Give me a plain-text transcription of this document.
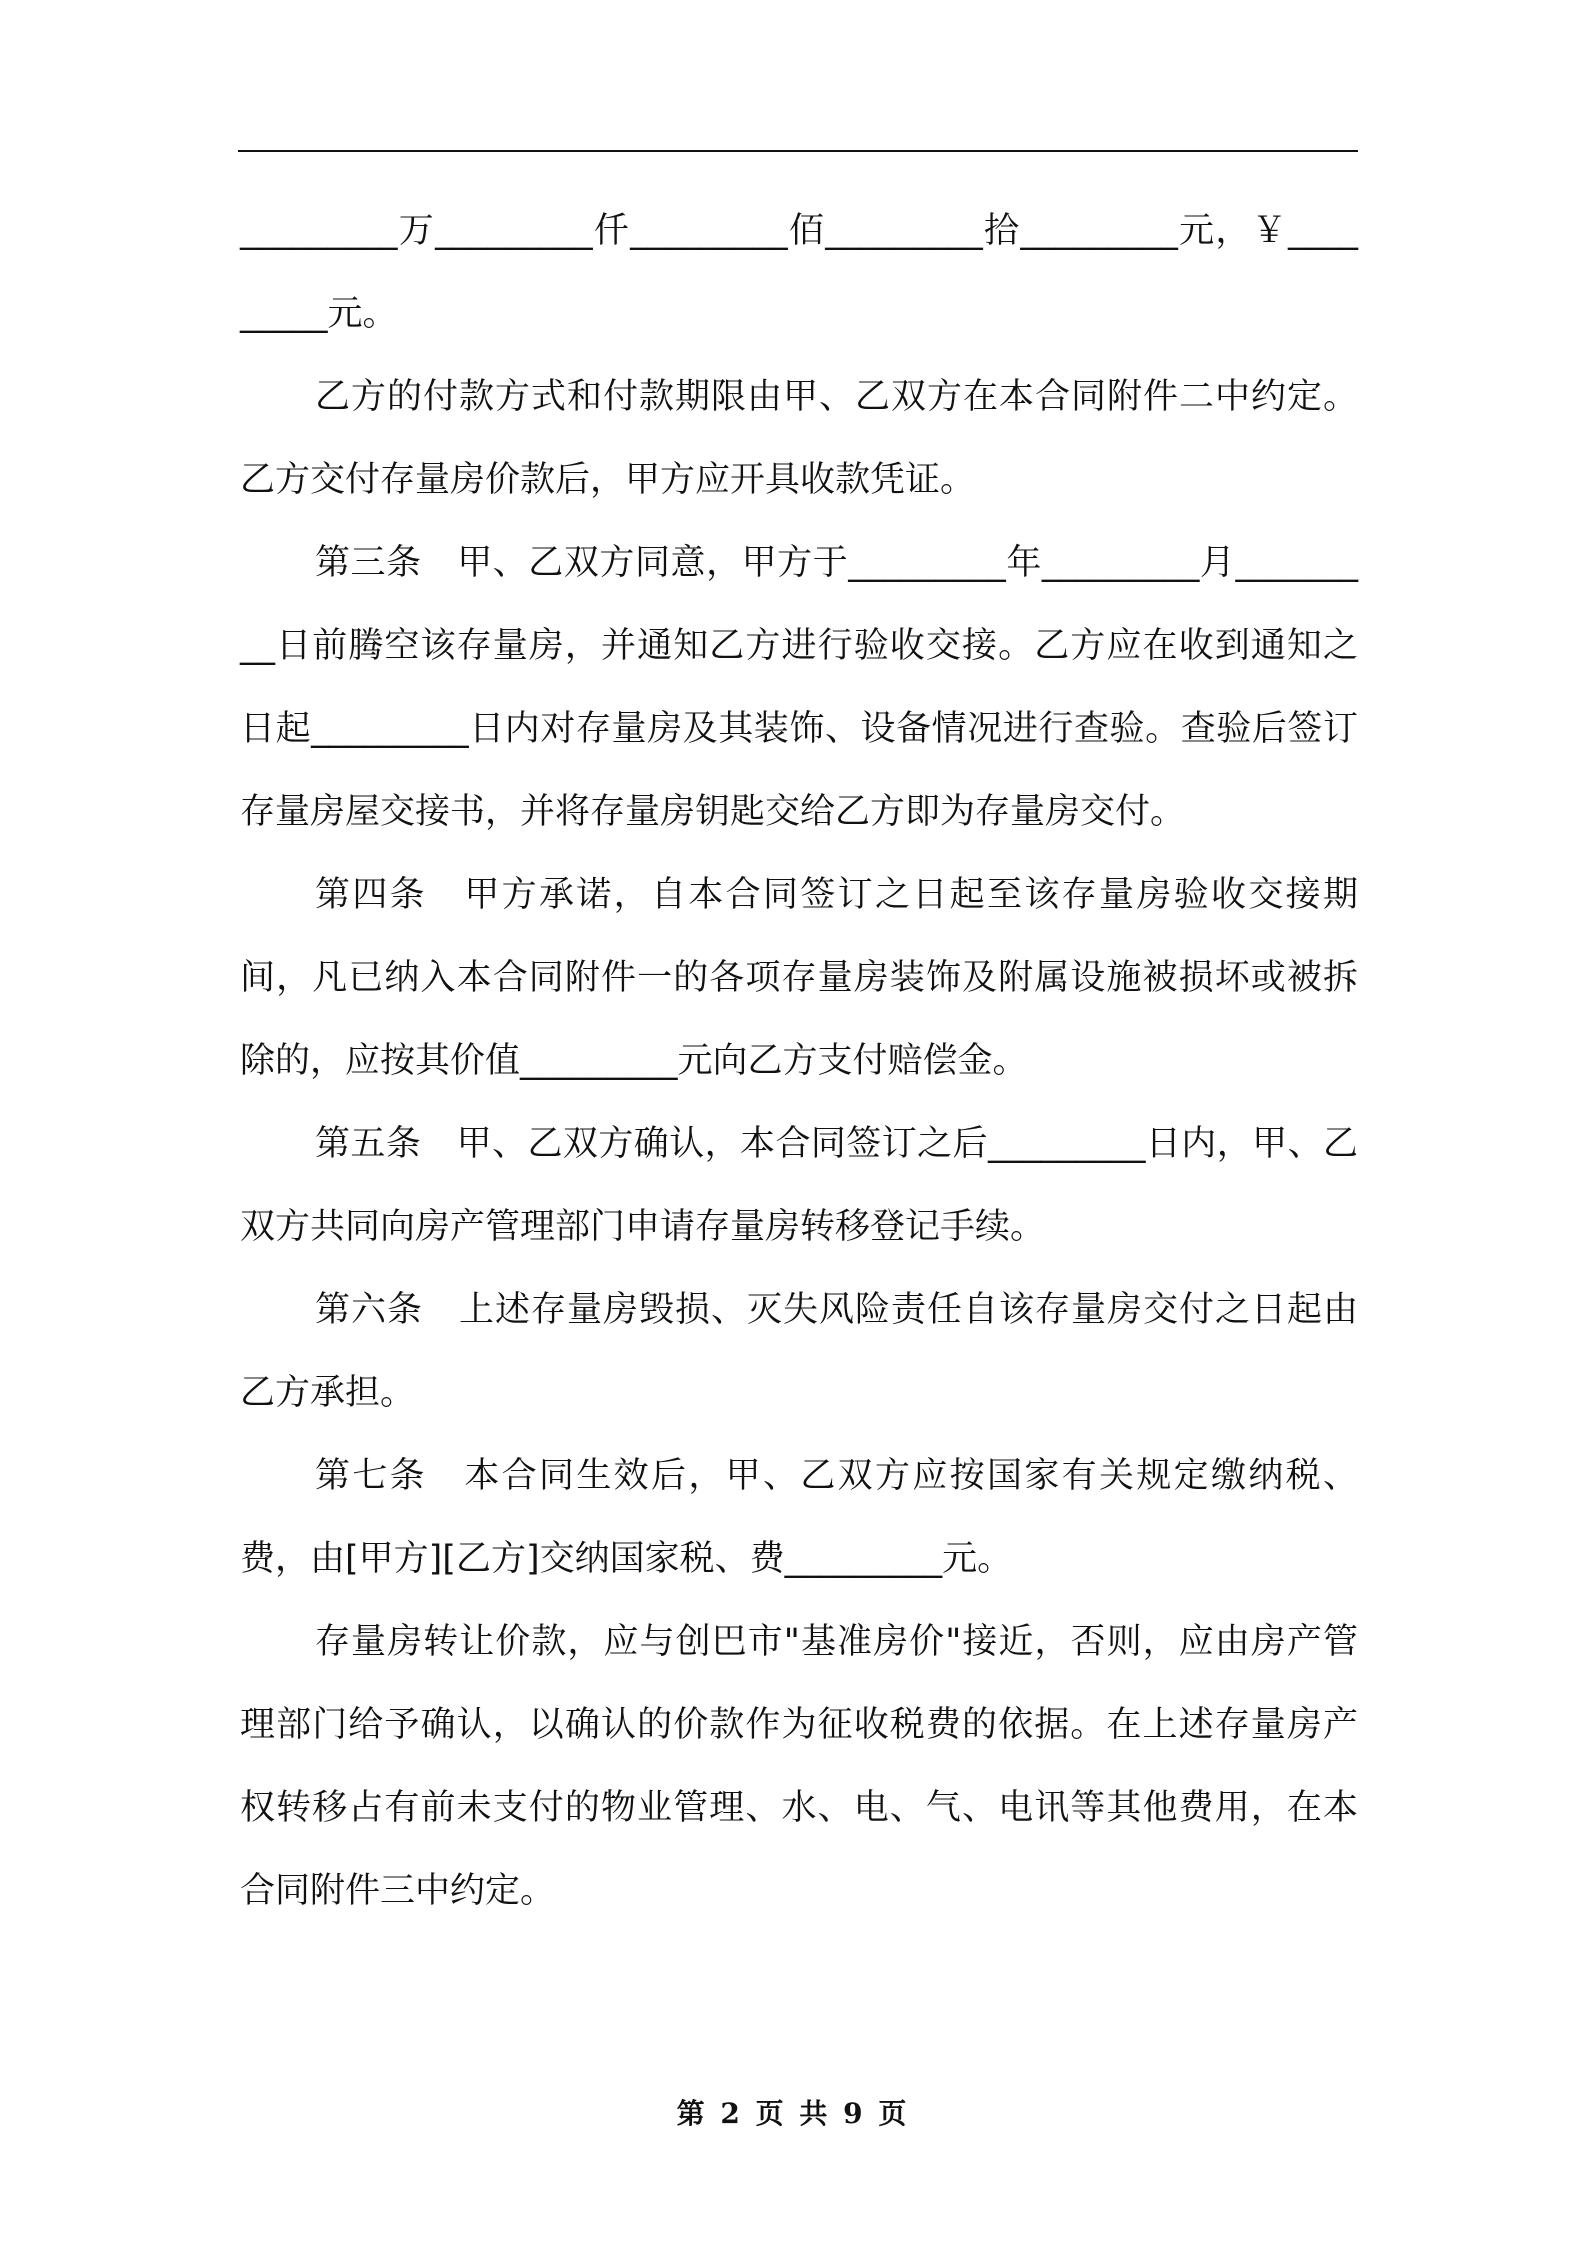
_________万_________仟_________佰_________拾_________元，￥_________元。

乙方的付款方式和付款期限由甲、乙双方在本合同附件二中约定。乙方交付存量房价款后，甲方应开具收款凭证。

第三条　甲、乙双方同意，甲方于_________年_________月_________日前腾空该存量房，并通知乙方进行验收交接。乙方应在收到通知之日起_________日内对存量房及其装饰、设备情况进行查验。查验后签订存量房屋交接书，并将存量房钥匙交给乙方即为存量房交付。

第四条　甲方承诺，自本合同签订之日起至该存量房验收交接期间，凡已纳入本合同附件一的各项存量房装饰及附属设施被损坏或被拆除的，应按其价值_________元向乙方支付赔偿金。

第五条　甲、乙双方确认，本合同签订之后_________日内，甲、乙双方共同向房产管理部门申请存量房转移登记手续。

第六条　上述存量房毁损、灭失风险责任自该存量房交付之日起由乙方承担。

第七条　本合同生效后，甲、乙双方应按国家有关规定缴纳税、费，由[甲方][乙方]交纳国家税、费_________元。

存量房转让价款，应与创巴市"基准房价"接近，否则，应由房产管理部门给予确认，以确认的价款作为征收税费的依据。在上述存量房产权转移占有前未支付的物业管理、水、电、气、电讯等其他费用，在本合同附件三中约定。

第 2 页 共 9 页
